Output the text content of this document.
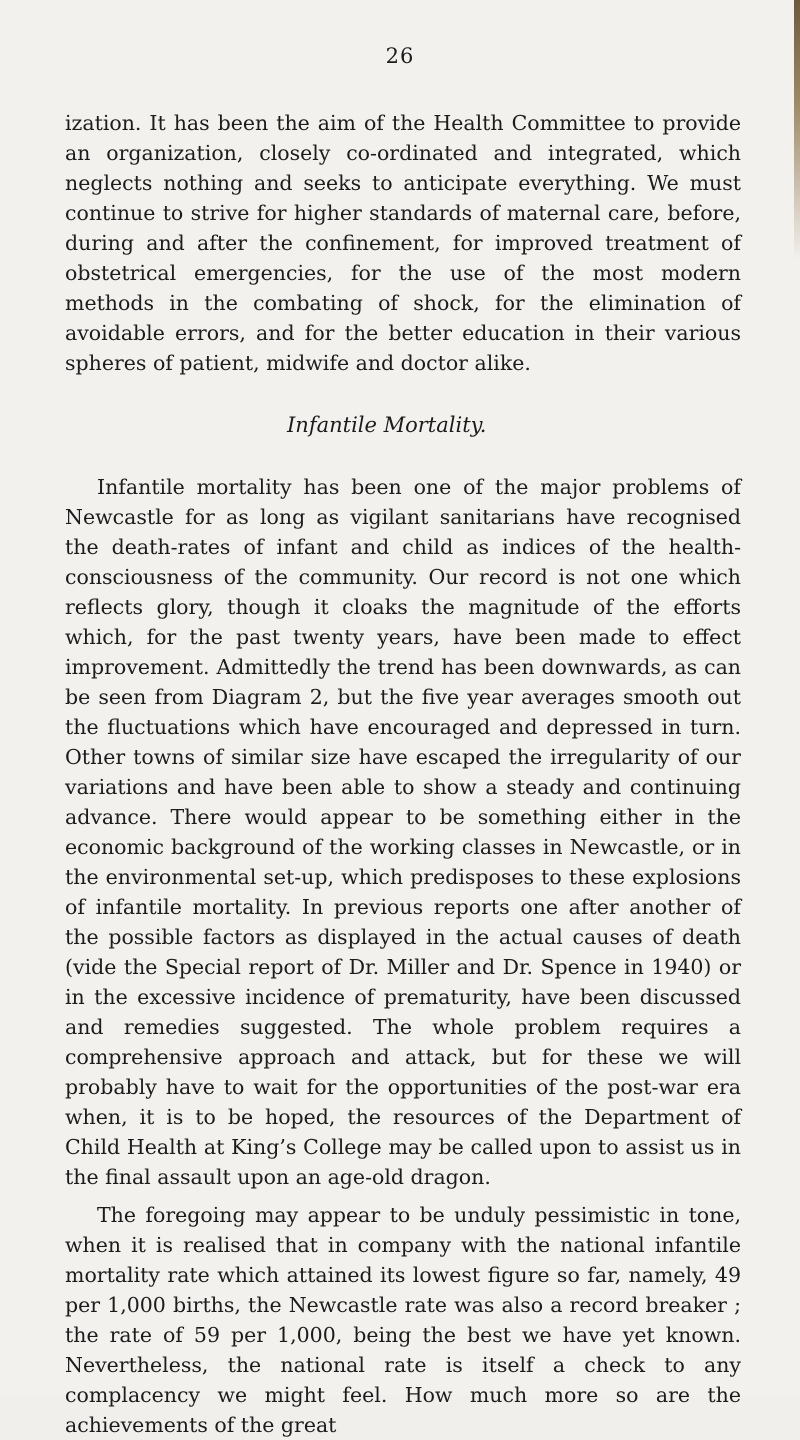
26

ization. It has been the aim of the Health Committee to provide an organization, closely co-ordinated and integrated, which neglects nothing and seeks to anticipate everything. We must continue to strive for higher standards of maternal care, before, during and after the confinement, for improved treatment of obstetrical emergencies, for the use of the most modern methods in the combating of shock, for the elimination of avoidable errors, and for the better education in their various spheres of patient, midwife and doctor alike.

Infantile Mortality.

Infantile mortality has been one of the major problems of Newcastle for as long as vigilant sanitarians have recognised the death-rates of infant and child as indices of the health-consciousness of the community. Our record is not one which reflects glory, though it cloaks the magnitude of the efforts which, for the past twenty years, have been made to effect improvement. Admittedly the trend has been downwards, as can be seen from Diagram 2, but the five year averages smooth out the fluctuations which have encouraged and depressed in turn. Other towns of similar size have escaped the irregularity of our variations and have been able to show a steady and continuing advance. There would appear to be something either in the economic background of the working classes in Newcastle, or in the environmental set-up, which predisposes to these explosions of infantile mortality. In previous reports one after another of the possible factors as displayed in the actual causes of death (vide the Special report of Dr. Miller and Dr. Spence in 1940) or in the excessive incidence of prematurity, have been discussed and remedies suggested. The whole problem requires a comprehensive approach and attack, but for these we will probably have to wait for the opportunities of the post-war era when, it is to be hoped, the resources of the Department of Child Health at King’s College may be called upon to assist us in the final assault upon an age-old dragon.

The foregoing may appear to be unduly pessimistic in tone, when it is realised that in company with the national infantile mortality rate which attained its lowest figure so far, namely, 49 per 1,000 births, the Newcastle rate was also a record breaker ; the rate of 59 per 1,000, being the best we have yet known. Nevertheless, the national rate is itself a check to any complacency we might feel. How much more so are the achievements of the great
